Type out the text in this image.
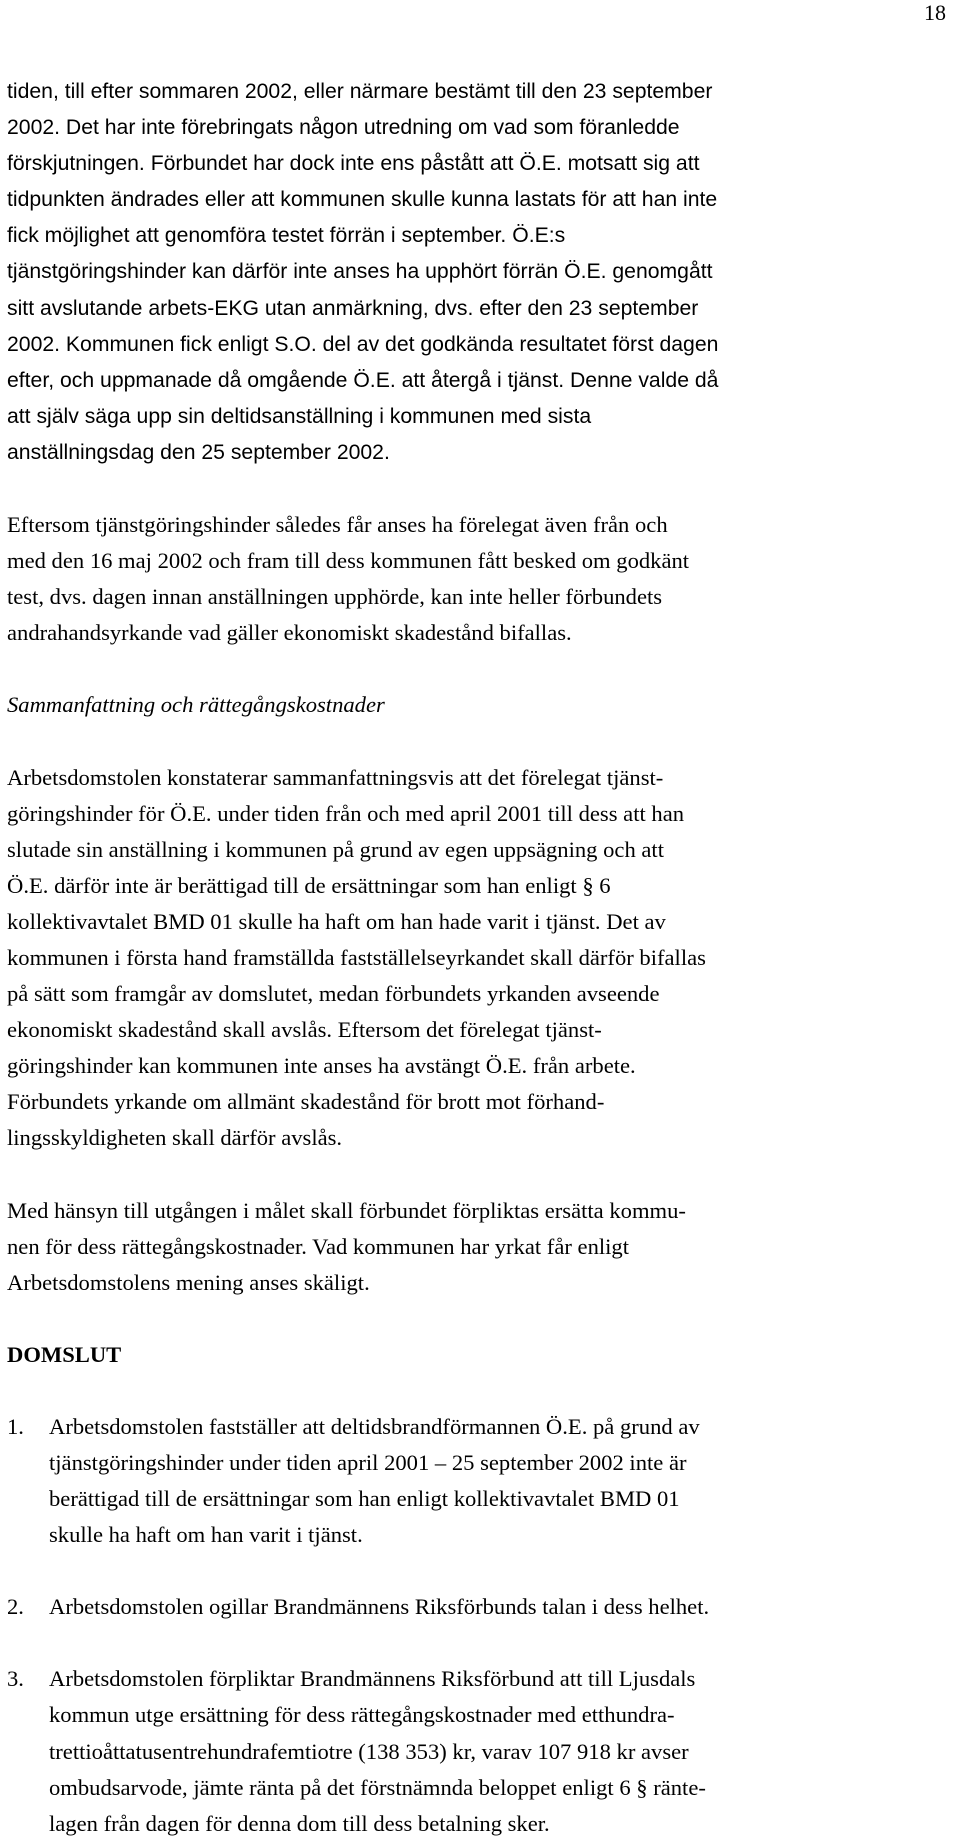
18

tiden, till efter sommaren 2002, eller närmare bestämt till den 23 september
2002. Det har inte förebringats någon utredning om vad som föranledde
förskjutningen. Förbundet har dock inte ens påstått att Ö.E. motsatt sig att
tidpunkten ändrades eller att kommunen skulle kunna lastats för att han inte
fick möjlighet att genomföra testet förrän i september. Ö.E:s
tjänstgöringshinder kan därför inte anses ha upphört förrän Ö.E. genomgått
sitt avslutande arbets-EKG utan anmärkning, dvs. efter den 23 september
2002. Kommunen fick enligt S.O. del av det godkända resultatet först dagen
efter, och uppmanade då omgående Ö.E. att återgå i tjänst. Denne valde då
att själv säga upp sin deltidsanställning i kommunen med sista
anställningsdag den 25 september 2002.

Eftersom tjänstgöringshinder således får anses ha förelegat även från och
med den 16 maj 2002 och fram till dess kommunen fått besked om godkänt
test, dvs. dagen innan anställningen upphörde, kan inte heller förbundets
andrahandsyrkande vad gäller ekonomiskt skadestånd bifallas.

Sammanfattning och rättegångskostnader

Arbetsdomstolen konstaterar sammanfattningsvis att det förelegat tjänst-
göringshinder för Ö.E. under tiden från och med april 2001 till dess att han
slutade sin anställning i kommunen på grund av egen uppsägning och att
Ö.E. därför inte är berättigad till de ersättningar som han enligt § 6
kollektivavtalet BMD 01 skulle ha haft om han hade varit i tjänst. Det av
kommunen i första hand framställda fastställelseyrkandet skall därför bifallas
på sätt som framgår av domslutet, medan förbundets yrkanden avseende
ekonomiskt skadestånd skall avslås. Eftersom det förelegat tjänst-
göringshinder kan kommunen inte anses ha avstängt Ö.E. från arbete.
Förbundets yrkande om allmänt skadestånd för brott mot förhand-
lingsskyldigheten skall därför avslås.

Med hänsyn till utgången i målet skall förbundet förpliktas ersätta kommu-
nen för dess rättegångskostnader. Vad kommunen har yrkat får enligt
Arbetsdomstolens mening anses skäligt.

DOMSLUT
1. Arbetsdomstolen fastställer att deltidsbrandförmannen Ö.E. på grund av
tjänstgöringshinder under tiden april 2001 – 25 september 2002 inte är
berättigad till de ersättningar som han enligt kollektivavtalet BMD 01
skulle ha haft om han varit i tjänst.
2. Arbetsdomstolen ogillar Brandmännens Riksförbunds talan i dess helhet.
3. Arbetsdomstolen förpliktar Brandmännens Riksförbund att till Ljusdals
kommun utge ersättning för dess rättegångskostnader med etthundra-
trettioåttatusentrehundrafemtiotre (138 353) kr, varav 107 918 kr avser
ombudsarvode, jämte ränta på det förstnämnda beloppet enligt 6 § ränte-
lagen från dagen för denna dom till dess betalning sker.
